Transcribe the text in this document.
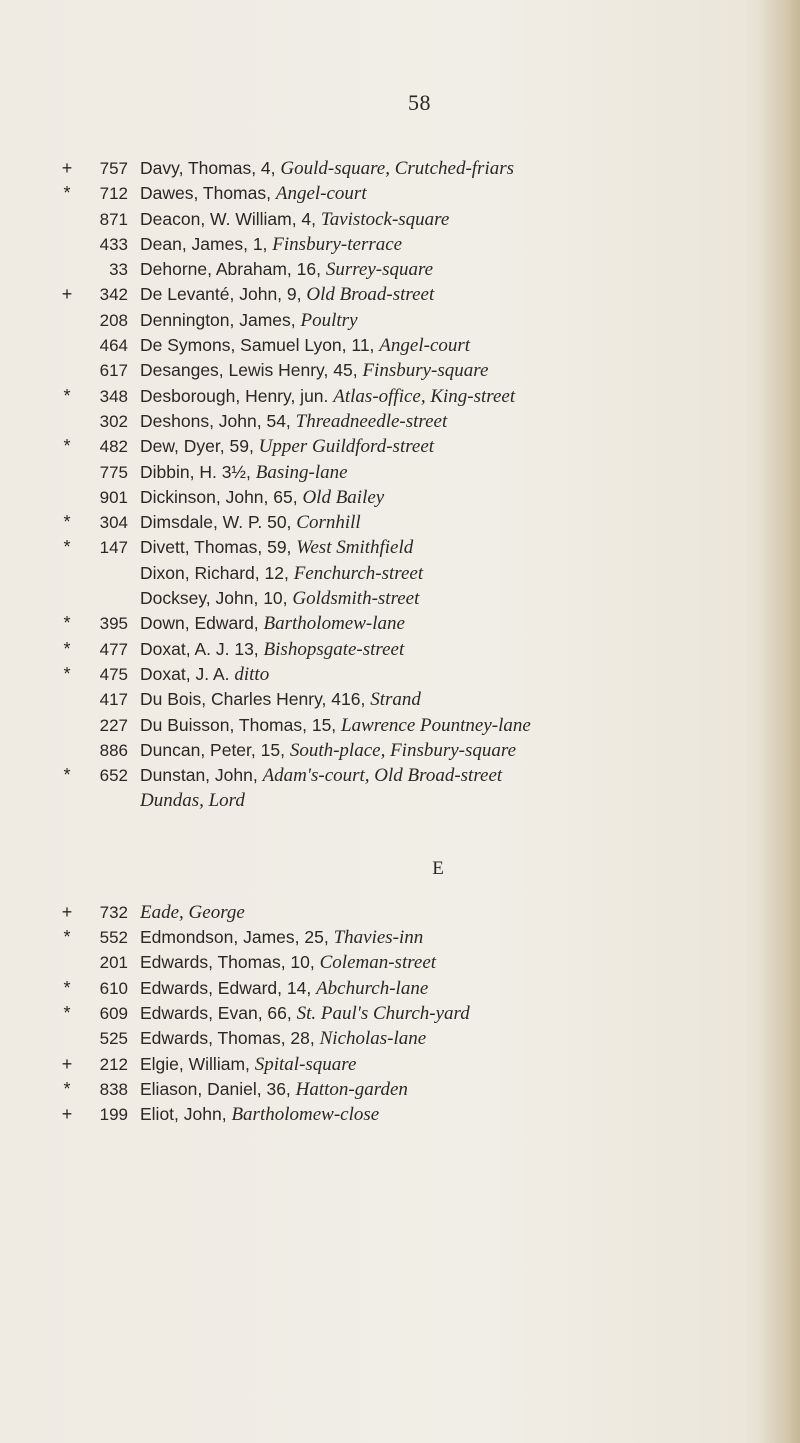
58
+	757 Davy, Thomas, 4, Gould-square, Crutched-friars
*	712 Dawes, Thomas, Angel-court
871 Deacon, W. William, 4, Tavistock-square
433 Dean, James, 1, Finsbury-terrace
33 Dehorne, Abraham, 16, Surrey-square
+	342 De Levanté, John, 9, Old Broad-street
208 Dennington, James, Poultry
464 De Symons, Samuel Lyon, 11, Angel-court
617 Desanges, Lewis Henry, 45, Finsbury-square
*	348 Desborough, Henry, jun. Atlas-office, King-street
302 Deshons, John, 54, Threadneedle-street
*	482 Dew, Dyer, 59, Upper Guildford-street
775 Dibbin, H. 3½, Basing-lane
901 Dickinson, John, 65, Old Bailey
*	304 Dimsdale, W. P. 50, Cornhill
*	147 Divett, Thomas, 59, West Smithfield
Dixon, Richard, 12, Fenchurch-street
Docksey, John, 10, Goldsmith-street
*	395 Down, Edward, Bartholomew-lane
*	477 Doxat, A. J. 13, Bishopsgate-street
*	475 Doxat, J. A. ditto
417 Du Bois, Charles Henry, 416, Strand
227 Du Buisson, Thomas, 15, Lawrence Pountney-lane
886 Duncan, Peter, 15, South-place, Finsbury-square
*	652 Dunstan, John, Adam's-court, Old Broad-street
Dundas, Lord
E
+	732 Eade, George
*	552 Edmondson, James, 25, Thavies-inn
201 Edwards, Thomas, 10, Coleman-street
*	610 Edwards, Edward, 14, Abchurch-lane
*	609 Edwards, Evan, 66, St. Paul's Church-yard
525 Edwards, Thomas, 28, Nicholas-lane
+	212 Elgie, William, Spital-square
*	838 Eliason, Daniel, 36, Hatton-garden
+	199 Eliot, John, Bartholomew-close
